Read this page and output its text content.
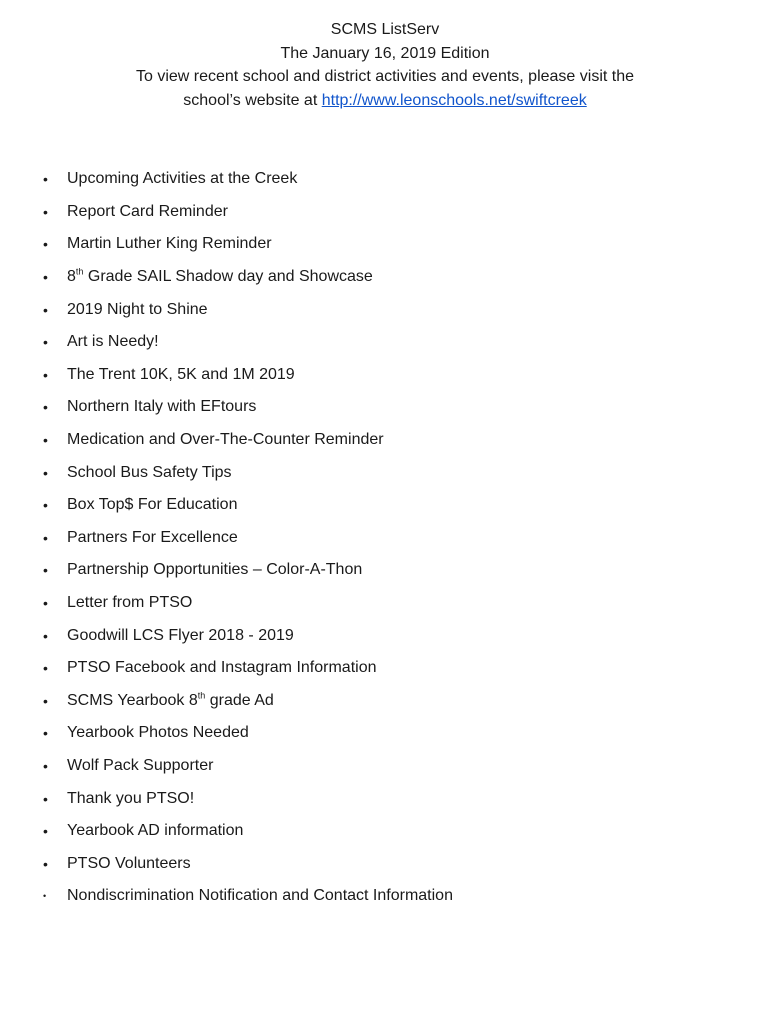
SCMS ListServ
The January 16, 2019 Edition
To view recent school and district activities and events, please visit the
school’s website at http://www.leonschools.net/swiftcreek
•	Upcoming Activities at the Creek
•	Report Card Reminder
•	Martin Luther King Reminder
•	8th Grade SAIL Shadow day and Showcase
•	2019 Night to Shine
•	Art is Needy!
•	The Trent 10K, 5K and 1M 2019
•	Northern Italy with EFtours
•	Medication and Over-The-Counter Reminder
•	School Bus Safety Tips
•	Box Top$ For Education
•	Partners For Excellence
•	Partnership Opportunities – Color-A-Thon
•	Letter from PTSO
•	Goodwill LCS Flyer 2018 - 2019
•	PTSO Facebook and Instagram Information
•	SCMS Yearbook 8th grade Ad
•	Yearbook Photos Needed
•	Wolf Pack Supporter
•	Thank you PTSO!
•	Yearbook AD information
•	PTSO Volunteers
•	Nondiscrimination Notification and Contact Information
